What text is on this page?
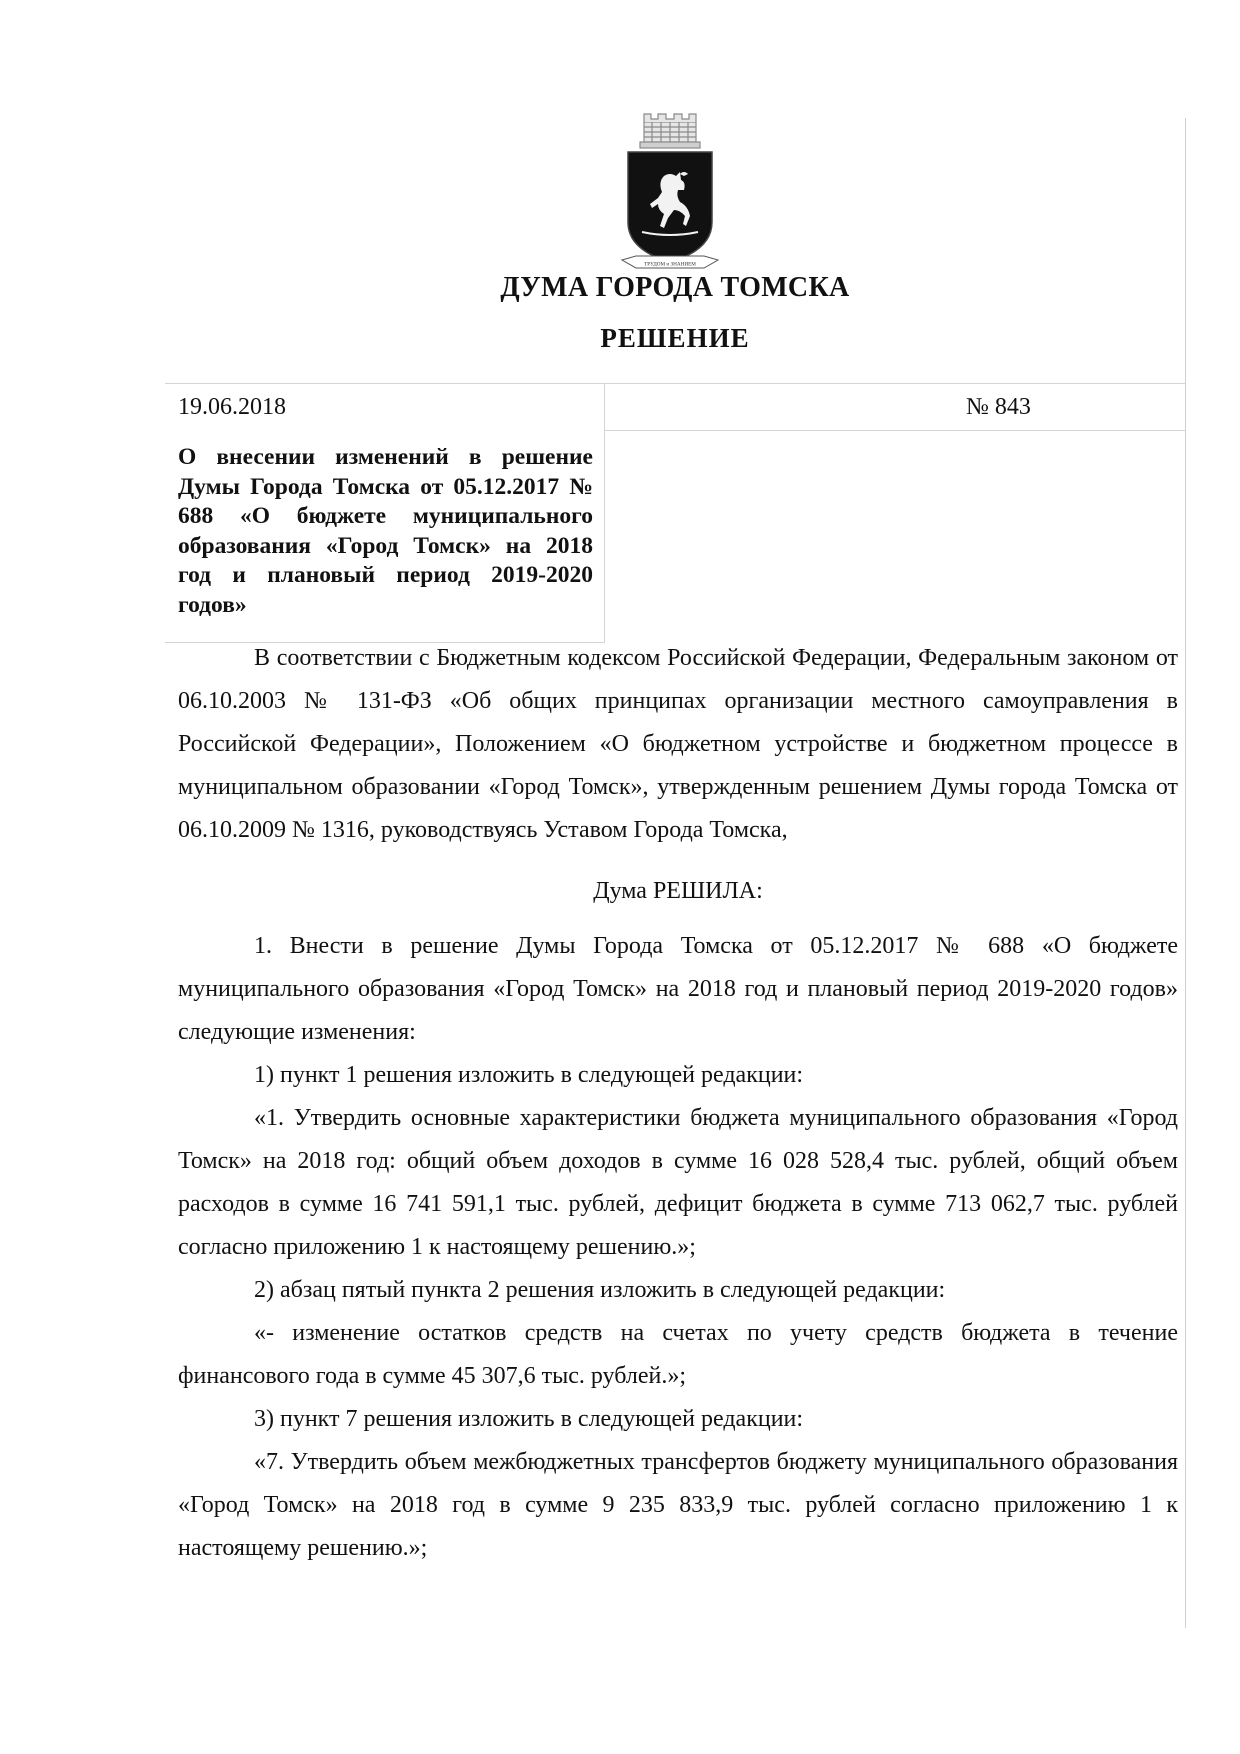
ТРУДОМ и ЗНАНИЕМ
ДУМА ГОРОДА ТОМСКА
РЕШЕНИЕ
19.06.2018	№ 843
О внесении изменений в решение Думы Города Томска от 05.12.2017 № 688 «О бюджете муниципального образования «Город Томск» на 2018 год и плановый период 2019-2020 годов»

В соответствии с Бюджетным кодексом Российской Федерации, Федеральным законом от 06.10.2003 № 131-ФЗ «Об общих принципах организации местного самоуправления в Российской Федерации», Положением «О бюджетном устройстве и бюджетном процессе в муниципальном образовании «Город Томск», утвержденным решением Думы города Томска от 06.10.2009 № 1316, руководствуясь Уставом Города Томска,

Дума РЕШИЛА:

1. Внести в решение Думы Города Томска от 05.12.2017 № 688 «О бюджете муниципального образования «Город Томск» на 2018 год и плановый период 2019-2020 годов» следующие изменения:

1) пункт 1 решения изложить в следующей редакции:

«1. Утвердить основные характеристики бюджета муниципального образования «Город Томск» на 2018 год: общий объем доходов в сумме 16 028 528,4 тыс. рублей, общий объем расходов в сумме 16 741 591,1 тыс. рублей, дефицит бюджета в сумме 713 062,7 тыс. рублей согласно приложению 1 к настоящему решению.»;

2) абзац пятый пункта 2 решения изложить в следующей редакции:

«- изменение остатков средств на счетах по учету средств бюджета в течение финансового года в сумме 45 307,6 тыс. рублей.»;

3) пункт 7 решения изложить в следующей редакции:

«7. Утвердить объем межбюджетных трансфертов бюджету муниципального образования «Город Томск» на 2018 год в сумме 9 235 833,9 тыс. рублей согласно приложению 1 к настоящему решению.»;
